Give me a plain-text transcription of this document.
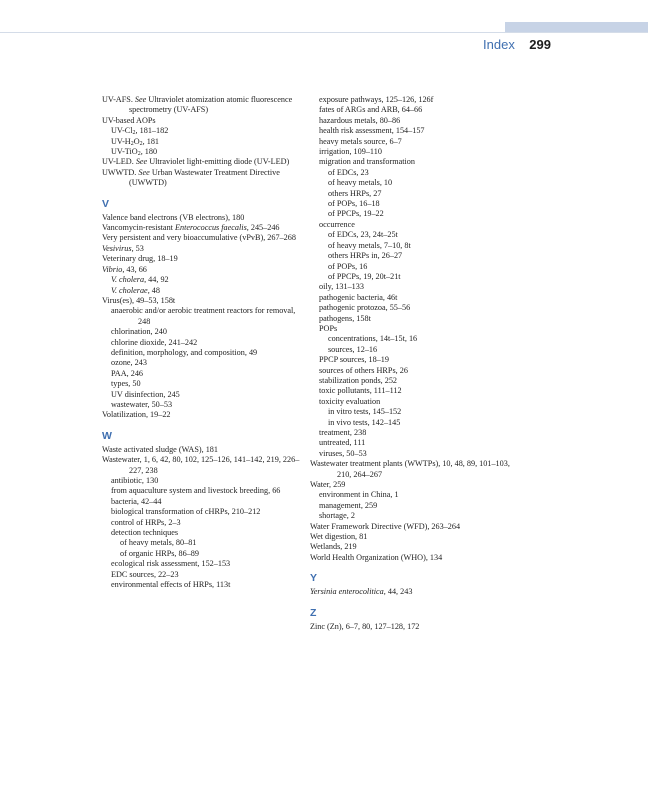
Index 299
UV-AFS. See Ultraviolet atomization atomic fluorescence spectrometry (UV-AFS)
UV-based AOPs
$UV-Cl_2$, 181–182
$UV-H_2O_2$, 181
UV-TiO$_2$, 180
UV-LED. See Ultraviolet light-emitting diode (UV-LED)
UWWTD. See Urban Wastewater Treatment Directive (UWWTD)
V
Valence band electrons (VB electrons), 180
Vancomycin-resistant Enterococcus faecalis, 245–246
Very persistent and very bioaccumulative (vPvB), 267–268
Vesivirus, 53
Veterinary drug, 18–19
Vibrio, 43, 66
V. cholera, 44, 92
V. cholerae, 48
Virus(es), 49–53, 158t
anaerobic and/or aerobic treatment reactors for removal, 248
chlorination, 240
chlorine dioxide, 241–242
definition, morphology, and composition, 49
ozone, 243
PAA, 246
types, 50
UV disinfection, 245
wastewater, 50–53
Volatilization, 19–22
W
Waste activated sludge (WAS), 181
Wastewater, 1, 6, 42, 80, 102, 125–126, 141–142, 219, 226–227, 238
antibiotic, 130
from aquaculture system and livestock breeding, 66
bacteria, 42–44
biological transformation of cHRPs, 210–212
control of HRPs, 2–3
detection techniques
of heavy metals, 80–81
of organic HRPs, 86–89
ecological risk assessment, 152–153
EDC sources, 22–23
environmental effects of HRPs, 113t
exposure pathways, 125–126, 126f
fates of ARGs and ARB, 64–66
hazardous metals, 80–86
health risk assessment, 154–157
heavy metals source, 6–7
irrigation, 109–110
migration and transformation
of EDCs, 23
of heavy metals, 10
others HRPs, 27
of POPs, 16–18
of PPCPs, 19–22
occurrence
of EDCs, 23, 24t–25t
of heavy metals, 7–10, 8t
others HRPs in, 26–27
of POPs, 16
of PPCPs, 19, 20t–21t
oily, 131–133
pathogenic bacteria, 46t
pathogenic protozoa, 55–56
pathogens, 158t
POPs
concentrations, 14t–15t, 16
sources, 12–16
PPCP sources, 18–19
sources of others HRPs, 26
stabilization ponds, 252
toxic pollutants, 111–112
toxicity evaluation
in vitro tests, 145–152
in vivo tests, 142–145
treatment, 238
untreated, 111
viruses, 50–53
Wastewater treatment plants (WWTPs), 10, 48, 89, 101–103, 210, 264–267
Water, 259
environment in China, 1
management, 259
shortage, 2
Water Framework Directive (WFD), 263–264
Wet digestion, 81
Wetlands, 219
World Health Organization (WHO), 134
Y
Yersinia enterocolitica, 44, 243
Z
Zinc (Zn), 6–7, 80, 127–128, 172
